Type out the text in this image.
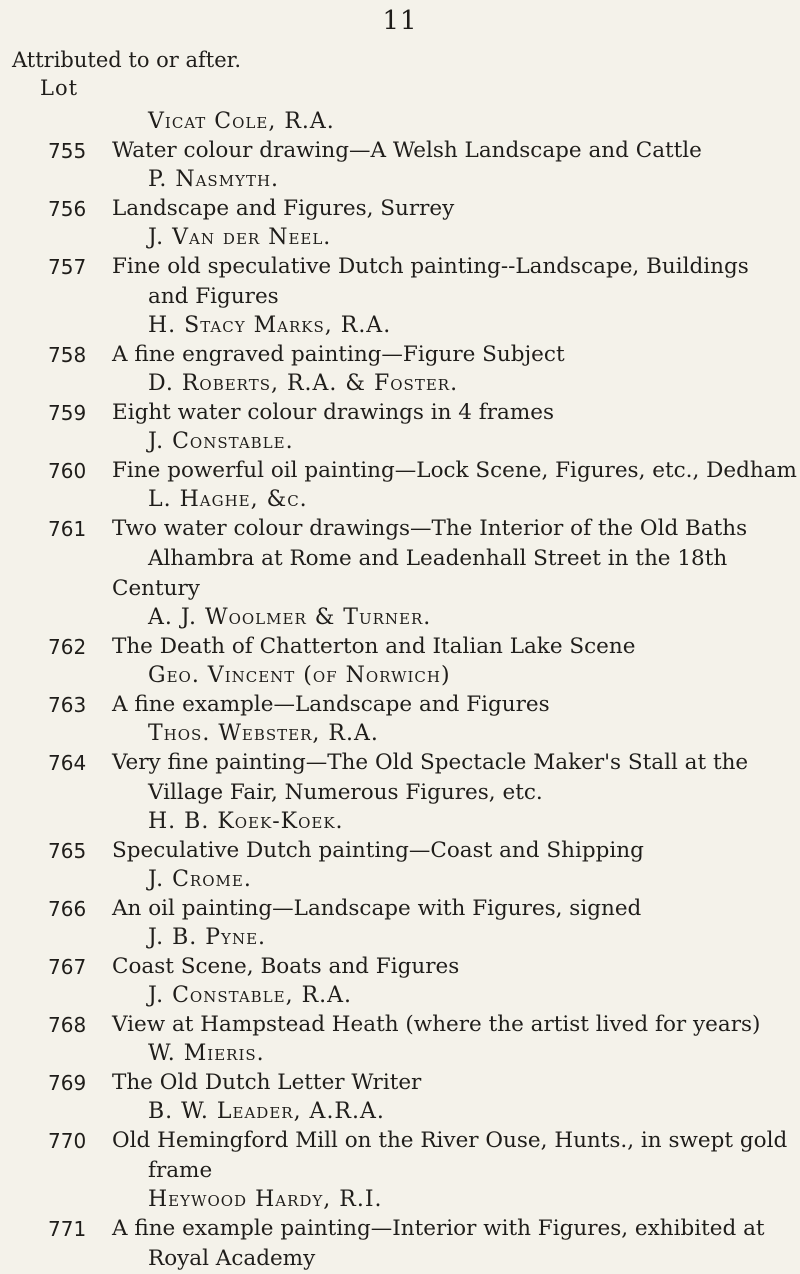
11
Attributed to or after.
Lot
Vicat Cole, R.A.
755	Water colour drawing—A Welsh Landscape and Cattle
P. Nasmyth.
756	Landscape and Figures, Surrey
J. Van der Neel.
757	Fine old speculative Dutch painting--Landscape, Buildings
and Figures
H. Stacy Marks, R.A.
758	A fine engraved painting—Figure Subject
D. Roberts, R.A. & Foster.
759	Eight water colour drawings in 4 frames
J. Constable.
760	Fine powerful oil painting—Lock Scene, Figures, etc., Dedham
L. Haghe, &c.
761	Two water colour drawings—The Interior of the Old Baths
Alhambra at Rome and Leadenhall Street in the 18th Century
A. J. Woolmer & Turner.
762	The Death of Chatterton and Italian Lake Scene
Geo. Vincent (of Norwich)
763	A fine example—Landscape and Figures
Thos. Webster, R.A.
764	Very fine painting—The Old Spectacle Maker's Stall at the
Village Fair, Numerous Figures, etc.
H. B. Koek-Koek.
765	Speculative Dutch painting—Coast and Shipping
J. Crome.
766	An oil painting—Landscape with Figures, signed
J. B. Pyne.
767	Coast Scene, Boats and Figures
J. Constable, R.A.
768	View at Hampstead Heath (where the artist lived for years)
W. Mieris.
769	The Old Dutch Letter Writer
B. W. Leader, A.R.A.
770	Old Hemingford Mill on the River Ouse, Hunts., in swept gold
frame
Heywood Hardy, R.I.
771	A fine example painting—Interior with Figures, exhibited at
Royal Academy
